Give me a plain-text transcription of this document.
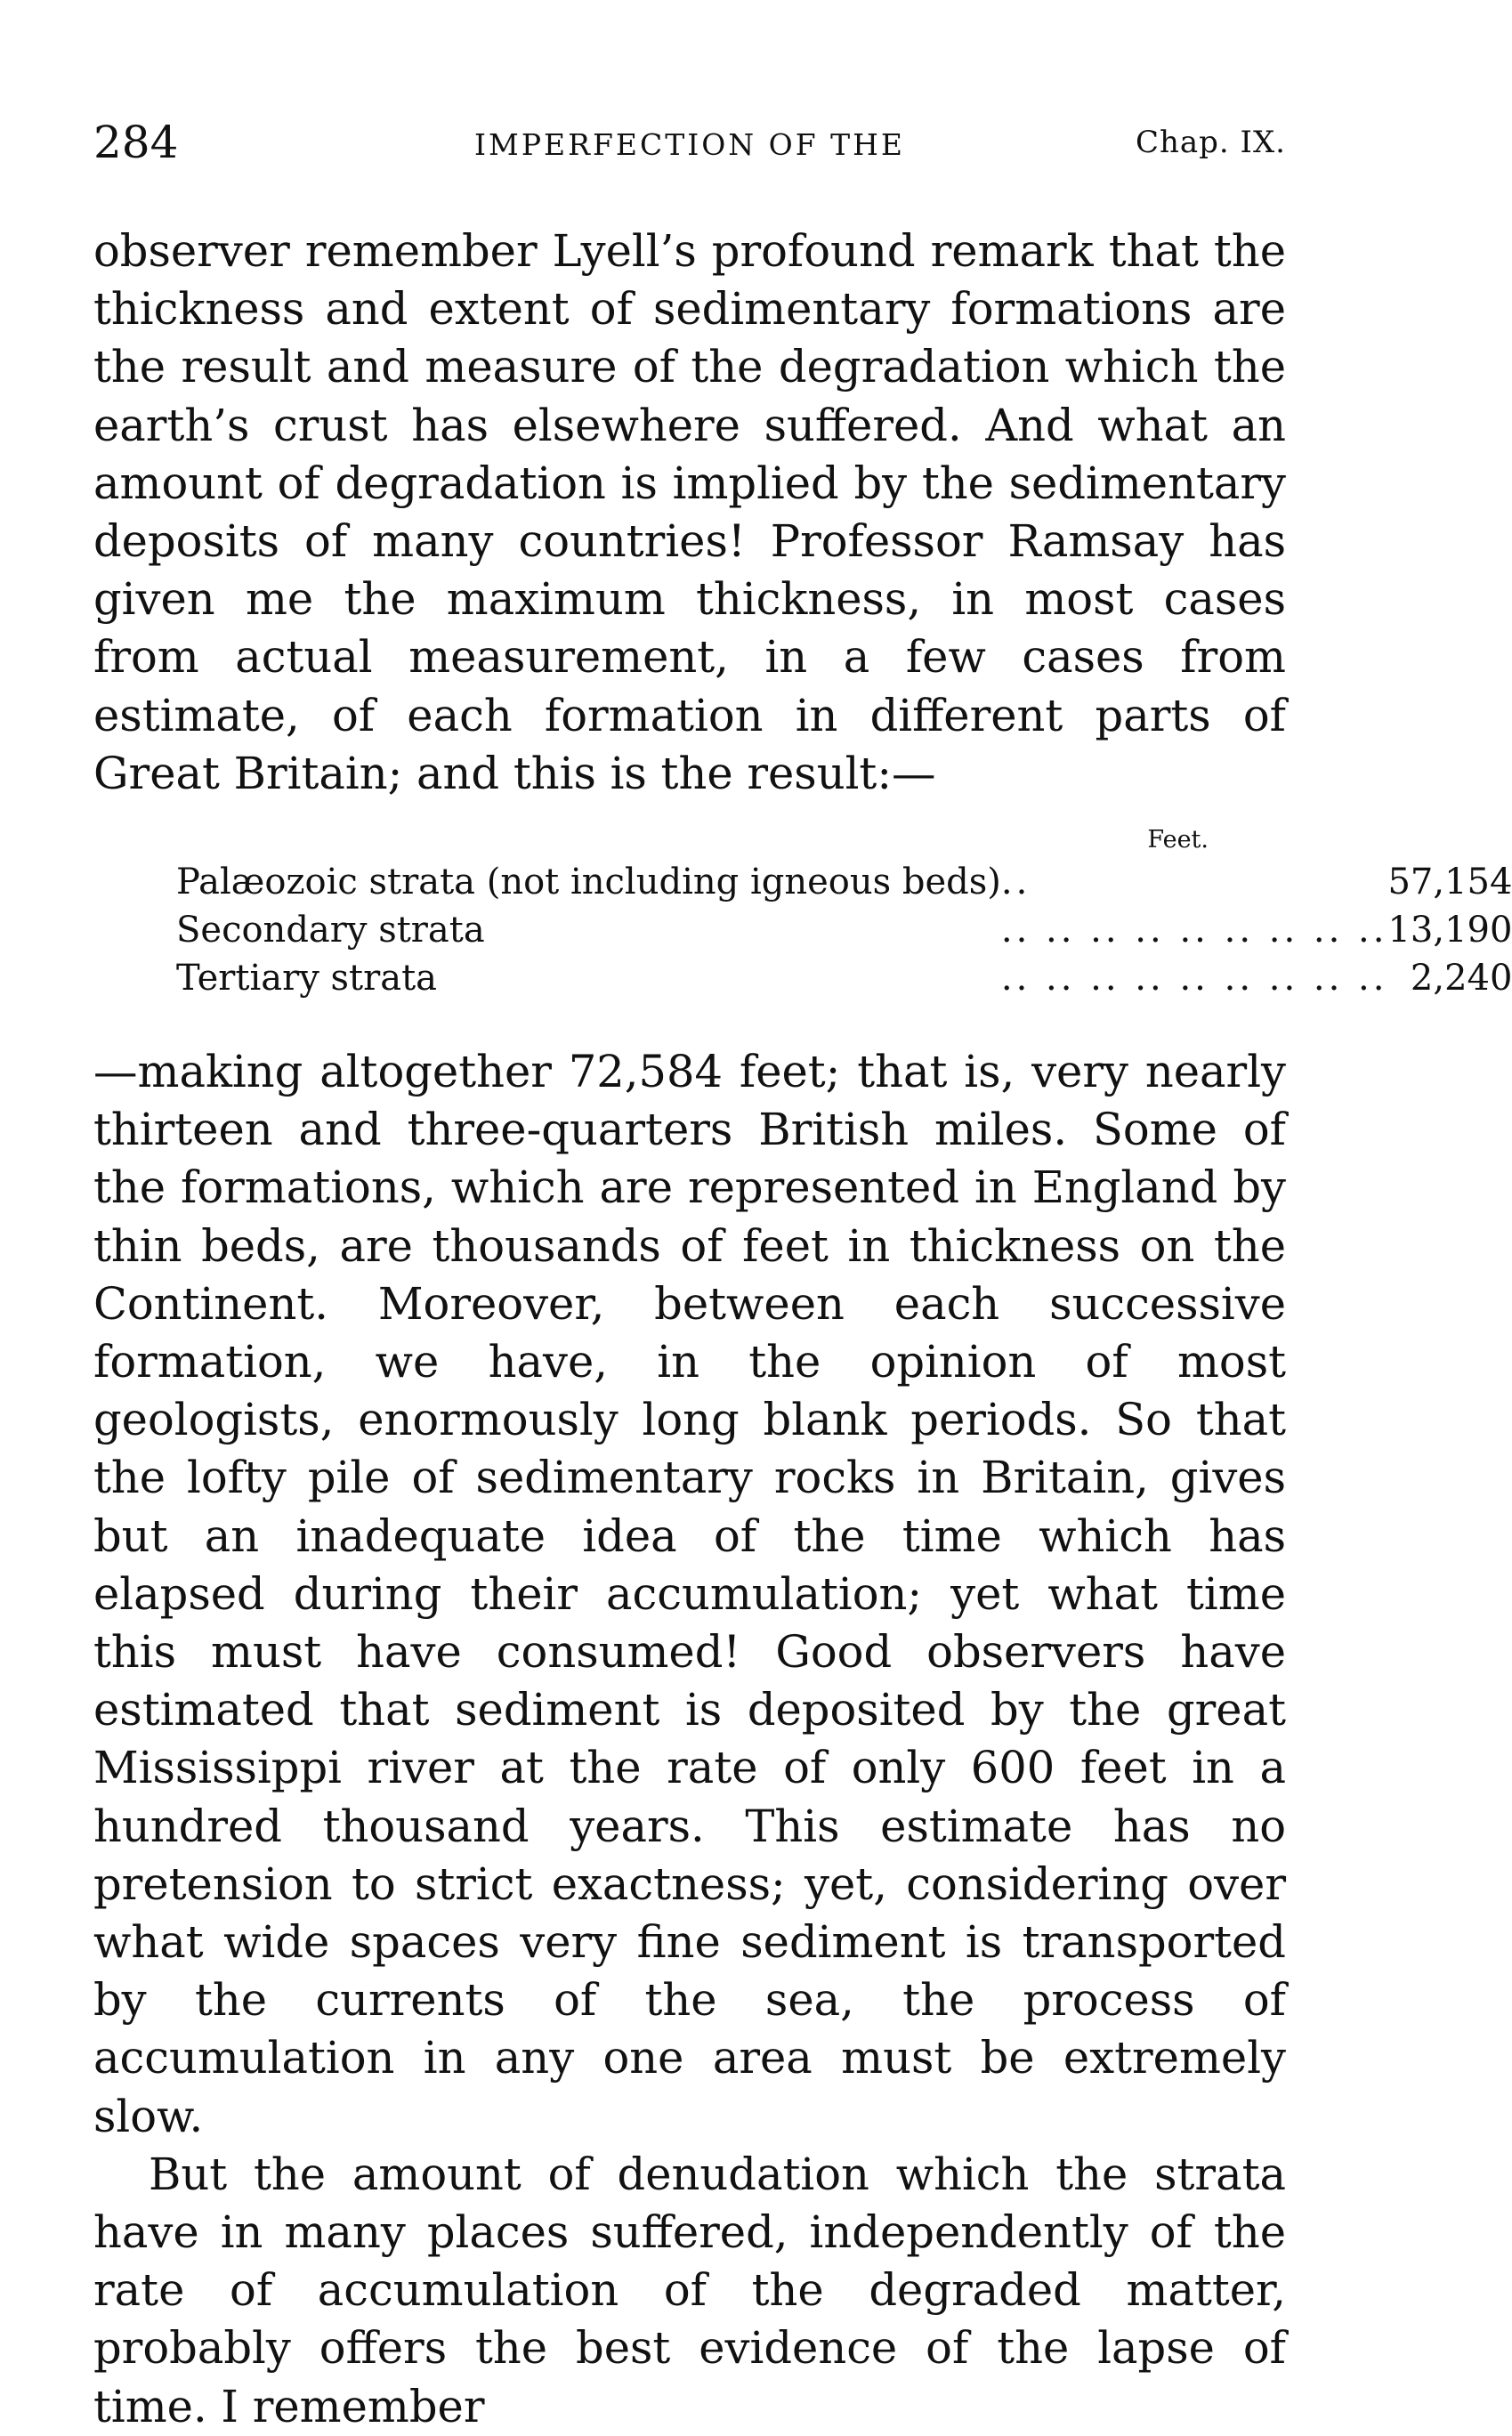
284	IMPERFECTION OF THE	Chap. IX.

observer remember Lyell’s profound remark that the thickness and extent of sedimentary formations are the result and measure of the degradation which the earth’s crust has elsewhere suffered. And what an amount of degradation is implied by the sedimentary deposits of many countries! Professor Ramsay has given me the maximum thickness, in most cases from actual measurement, in a few cases from estimate, of each formation in different parts of Great Britain; and this is the result:—

Feet.
Palæozoic strata (not including igneous beds)	..	57,154
Secondary strata	.. .. .. .. .. .. .. .. ..	13,190
Tertiary strata	.. .. .. .. .. .. .. .. ..	2,240

—making altogether 72,584 feet; that is, very nearly thirteen and three-quarters British miles. Some of the formations, which are represented in England by thin beds, are thousands of feet in thickness on the Continent. Moreover, between each successive formation, we have, in the opinion of most geologists, enormously long blank periods. So that the lofty pile of sedimentary rocks in Britain, gives but an inadequate idea of the time which has elapsed during their accumulation; yet what time this must have consumed! Good observers have estimated that sediment is deposited by the great Mississippi river at the rate of only 600 feet in a hundred thousand years. This estimate has no pretension to strict exactness; yet, considering over what wide spaces very fine sediment is transported by the currents of the sea, the process of accumulation in any one area must be extremely slow.

But the amount of denudation which the strata have in many places suffered, independently of the rate of accumulation of the degraded matter, probably offers the best evidence of the lapse of time. I remember
